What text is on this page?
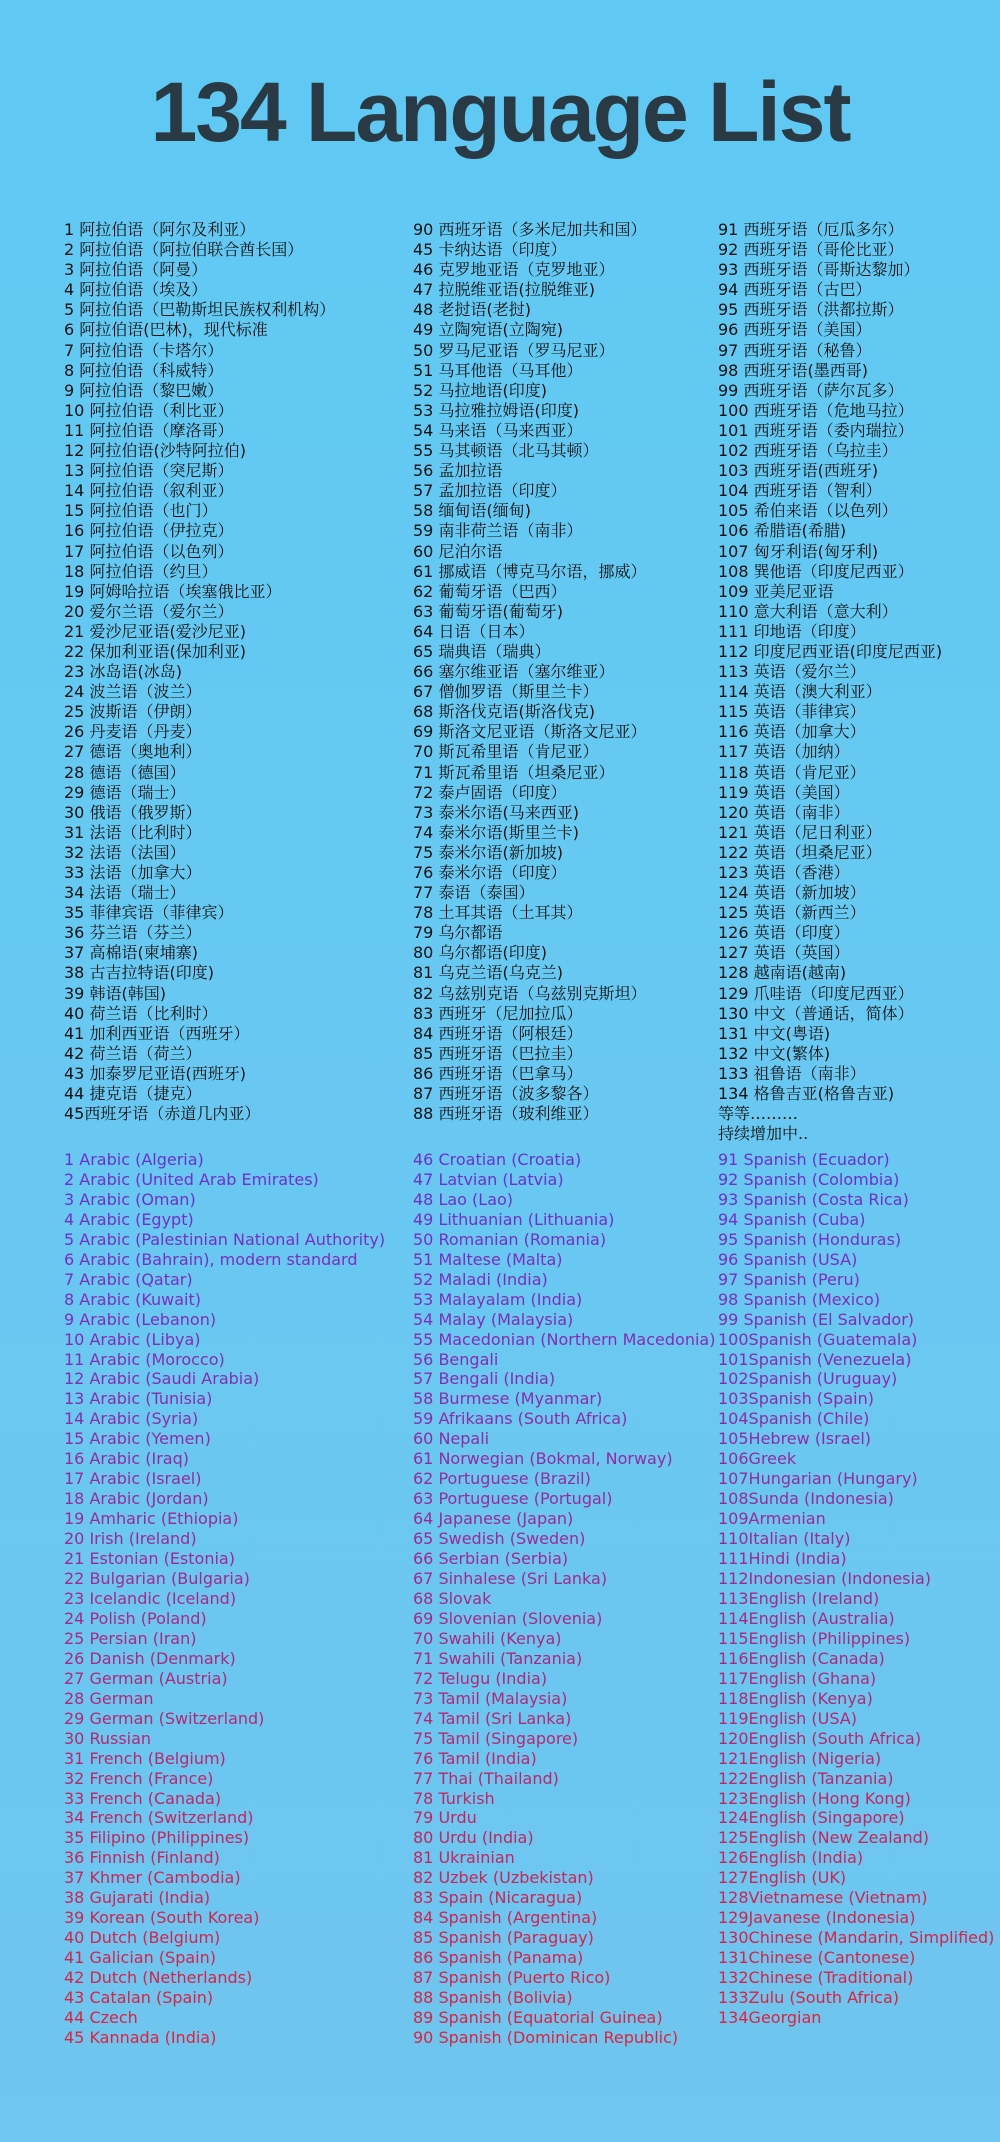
134 Language List
1 阿拉伯语（阿尔及利亚）
2 阿拉伯语（阿拉伯联合酋长国）
3 阿拉伯语（阿曼）
4 阿拉伯语（埃及）
5 阿拉伯语（巴勒斯坦民族权利机构）
6 阿拉伯语(巴林)，现代标准
7 阿拉伯语（卡塔尔）
8 阿拉伯语（科威特）
9 阿拉伯语（黎巴嫩）
10 阿拉伯语（利比亚）
11 阿拉伯语（摩洛哥）
12 阿拉伯语(沙特阿拉伯)
13 阿拉伯语（突尼斯）
14 阿拉伯语（叙利亚）
15 阿拉伯语（也门）
16 阿拉伯语（伊拉克）
17 阿拉伯语（以色列）
18 阿拉伯语（约旦）
19 阿姆哈拉语（埃塞俄比亚）
20 爱尔兰语（爱尔兰）
21 爱沙尼亚语(爱沙尼亚)
22 保加利亚语(保加利亚)
23 冰岛语(冰岛)
24 波兰语（波兰）
25 波斯语（伊朗）
26 丹麦语（丹麦）
27 德语（奥地利）
28 德语（德国）
29 德语（瑞士）
30 俄语（俄罗斯）
31 法语（比利时）
32 法语（法国）
33 法语（加拿大）
34 法语（瑞士）
35 菲律宾语（菲律宾）
36 芬兰语（芬兰）
37 高棉语(柬埔寨)
38 古吉拉特语(印度)
39 韩语(韩国)
40 荷兰语（比利时）
41 加利西亚语（西班牙）
42 荷兰语（荷兰）
43 加泰罗尼亚语(西班牙)
44 捷克语（捷克）
45西班牙语（赤道几内亚）
90 西班牙语（多米尼加共和国）
45 卡纳达语（印度）
46 克罗地亚语（克罗地亚）
47 拉脱维亚语(拉脱维亚)
48 老挝语(老挝)
49 立陶宛语(立陶宛)
50 罗马尼亚语（罗马尼亚）
51 马耳他语（马耳他）
52 马拉地语(印度)
53 马拉雅拉姆语(印度)
54 马来语（马来西亚）
55 马其顿语（北马其顿）
56 孟加拉语
57 孟加拉语（印度）
58 缅甸语(缅甸)
59 南非荷兰语（南非）
60 尼泊尔语
61 挪威语（博克马尔语，挪威）
62 葡萄牙语（巴西）
63 葡萄牙语(葡萄牙)
64 日语（日本）
65 瑞典语（瑞典）
66 塞尔维亚语（塞尔维亚）
67 僧伽罗语（斯里兰卡）
68 斯洛伐克语(斯洛伐克)
69 斯洛文尼亚语（斯洛文尼亚）
70 斯瓦希里语（肯尼亚）
71 斯瓦希里语（坦桑尼亚）
72 泰卢固语（印度）
73 泰米尔语(马来西亚)
74 泰米尔语(斯里兰卡)
75 泰米尔语(新加坡)
76 泰米尔语（印度）
77 泰语（泰国）
78 土耳其语（土耳其）
79 乌尔都语
80 乌尔都语(印度)
81 乌克兰语(乌克兰)
82 乌兹别克语（乌兹别克斯坦）
83 西班牙（尼加拉瓜）
84 西班牙语（阿根廷）
85 西班牙语（巴拉圭）
86 西班牙语（巴拿马）
87 西班牙语（波多黎各）
88 西班牙语（玻利维亚）
91 西班牙语（厄瓜多尔）
92 西班牙语（哥伦比亚）
93 西班牙语（哥斯达黎加）
94 西班牙语（古巴）
95 西班牙语（洪都拉斯）
96 西班牙语（美国）
97 西班牙语（秘鲁）
98 西班牙语(墨西哥)
99 西班牙语（萨尔瓦多）
100 西班牙语（危地马拉）
101 西班牙语（委内瑞拉）
102 西班牙语（乌拉圭）
103 西班牙语(西班牙)
104 西班牙语（智利）
105 希伯来语（以色列）
106 希腊语(希腊)
107 匈牙利语(匈牙利)
108 巽他语（印度尼西亚）
109 亚美尼亚语
110 意大利语（意大利）
111 印地语（印度）
112 印度尼西亚语(印度尼西亚)
113 英语（爱尔兰）
114 英语（澳大利亚）
115 英语（菲律宾）
116 英语（加拿大）
117 英语（加纳）
118 英语（肯尼亚）
119 英语（美国）
120 英语（南非）
121 英语（尼日利亚）
122 英语（坦桑尼亚）
123 英语（香港）
124 英语（新加坡）
125 英语（新西兰）
126 英语（印度）
127 英语（英国）
128 越南语(越南)
129 爪哇语（印度尼西亚）
130 中文（普通话，简体）
131 中文(粤语)
132 中文(繁体)
133 祖鲁语（南非）
134 格鲁吉亚(格鲁吉亚)
等等………
持续增加中..
1 Arabic (Algeria)
2 Arabic (United Arab Emirates)
3 Arabic (Oman)
4 Arabic (Egypt)
5 Arabic (Palestinian National Authority)
6 Arabic (Bahrain), modern standard
7 Arabic (Qatar)
8 Arabic (Kuwait)
9 Arabic (Lebanon)
10 Arabic (Libya)
11 Arabic (Morocco)
12 Arabic (Saudi Arabia)
13 Arabic (Tunisia)
14 Arabic (Syria)
15 Arabic (Yemen)
16 Arabic (Iraq)
17 Arabic (Israel)
18 Arabic (Jordan)
19 Amharic (Ethiopia)
20 Irish (Ireland)
21 Estonian (Estonia)
22 Bulgarian (Bulgaria)
23 Icelandic (Iceland)
24 Polish (Poland)
25 Persian (Iran)
26 Danish (Denmark)
27 German (Austria)
28 German
29 German (Switzerland)
30 Russian
31 French (Belgium)
32 French (France)
33 French (Canada)
34 French (Switzerland)
35 Filipino (Philippines)
36 Finnish (Finland)
37 Khmer (Cambodia)
38 Gujarati (India)
39 Korean (South Korea)
40 Dutch (Belgium)
41 Galician (Spain)
42 Dutch (Netherlands)
43 Catalan (Spain)
44 Czech
45 Kannada (India)
46 Croatian (Croatia)
47 Latvian (Latvia)
48 Lao (Lao)
49 Lithuanian (Lithuania)
50 Romanian (Romania)
51 Maltese (Malta)
52 Maladi (India)
53 Malayalam (India)
54 Malay (Malaysia)
55 Macedonian (Northern Macedonia)
56 Bengali
57 Bengali (India)
58 Burmese (Myanmar)
59 Afrikaans (South Africa)
60 Nepali
61 Norwegian (Bokmal, Norway)
62 Portuguese (Brazil)
63 Portuguese (Portugal)
64 Japanese (Japan)
65 Swedish (Sweden)
66 Serbian (Serbia)
67 Sinhalese (Sri Lanka)
68 Slovak
69 Slovenian (Slovenia)
70 Swahili (Kenya)
71 Swahili (Tanzania)
72 Telugu (India)
73 Tamil (Malaysia)
74 Tamil (Sri Lanka)
75 Tamil (Singapore)
76 Tamil (India)
77 Thai (Thailand)
78 Turkish
79 Urdu
80 Urdu (India)
81 Ukrainian
82 Uzbek (Uzbekistan)
83 Spain (Nicaragua)
84 Spanish (Argentina)
85 Spanish (Paraguay)
86 Spanish (Panama)
87 Spanish (Puerto Rico)
88 Spanish (Bolivia)
89 Spanish (Equatorial Guinea)
90 Spanish (Dominican Republic)
91 Spanish (Ecuador)
92 Spanish (Colombia)
93 Spanish (Costa Rica)
94 Spanish (Cuba)
95 Spanish (Honduras)
96 Spanish (USA)
97 Spanish (Peru)
98 Spanish (Mexico)
99 Spanish (El Salvador)
100Spanish (Guatemala)
101Spanish (Venezuela)
102Spanish (Uruguay)
103Spanish (Spain)
104Spanish (Chile)
105Hebrew (Israel)
106Greek
107Hungarian (Hungary)
108Sunda (Indonesia)
109Armenian
110Italian (Italy)
111Hindi (India)
112Indonesian (Indonesia)
113English (Ireland)
114English (Australia)
115English (Philippines)
116English (Canada)
117English (Ghana)
118English (Kenya)
119English (USA)
120English (South Africa)
121English (Nigeria)
122English (Tanzania)
123English (Hong Kong)
124English (Singapore)
125English (New Zealand)
126English (India)
127English (UK)
128Vietnamese (Vietnam)
129Javanese (Indonesia)
130Chinese (Mandarin, Simplified)
131Chinese (Cantonese)
132Chinese (Traditional)
133Zulu (South Africa)
134Georgian
